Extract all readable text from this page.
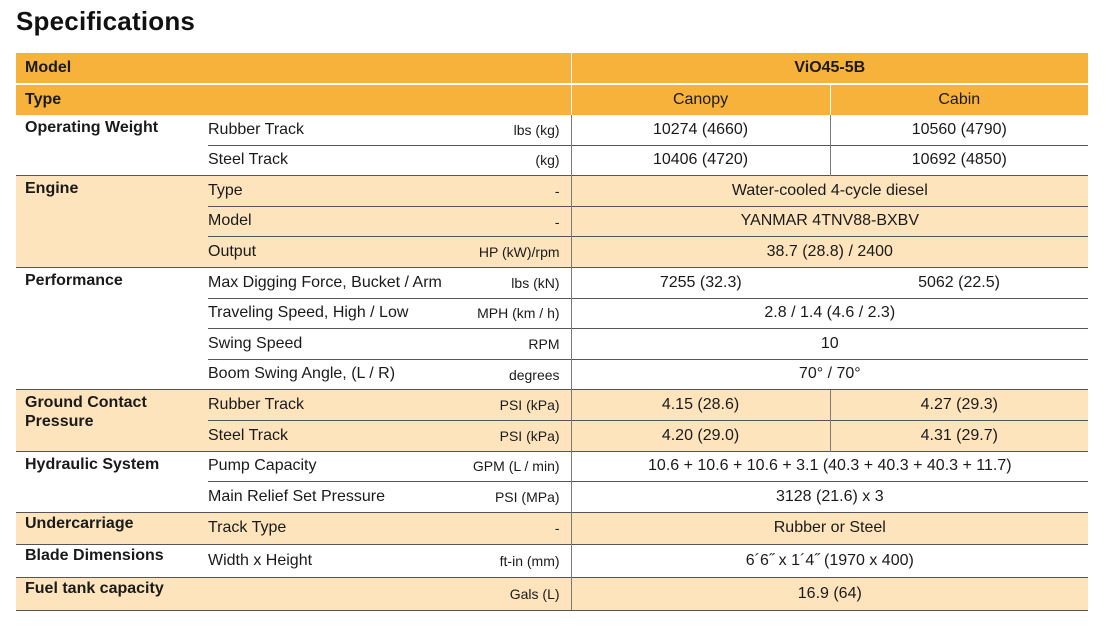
Specifications
Model			ViO45-5B	
Type			Canopy	Cabin
Operating Weight	Rubber Track	lbs (kg)	10274 (4660)	10560 (4790)
	Steel Track	(kg)	10406 (4720)	10692 (4850)
Engine	Type	-	Water-cooled 4-cycle diesel	
	Model	-	YANMAR 4TNV88-BXBV	
	Output	HP (kW)/rpm	38.7 (28.8) / 2400	
Performance	Max Digging Force, Bucket / Arm	lbs (kN)	7255 (32.3)	5062 (22.5)
	Traveling Speed, High / Low	MPH (km / h)	2.8 / 1.4 (4.6 / 2.3)	
	Swing Speed	RPM	10	
	Boom Swing Angle, (L / R)	degrees	70° / 70°	
Ground Contact Pressure	Rubber Track	PSI (kPa)	4.15 (28.6)	4.27 (29.3)
	Steel Track	PSI (kPa)	4.20 (29.0)	4.31 (29.7)
Hydraulic System	Pump Capacity	GPM (L / min)	10.6 + 10.6 + 10.6 + 3.1 (40.3 + 40.3 + 40.3 + 11.7)	
	Main Relief Set Pressure	PSI (MPa)	3128 (21.6) x 3	
Undercarriage	Track Type	-	Rubber or Steel	
Blade Dimensions	Width x Height	ft-in (mm)	6´6˝ x 1´4˝ (1970 x 400)	
Fuel tank capacity		Gals (L)	16.9 (64)	
